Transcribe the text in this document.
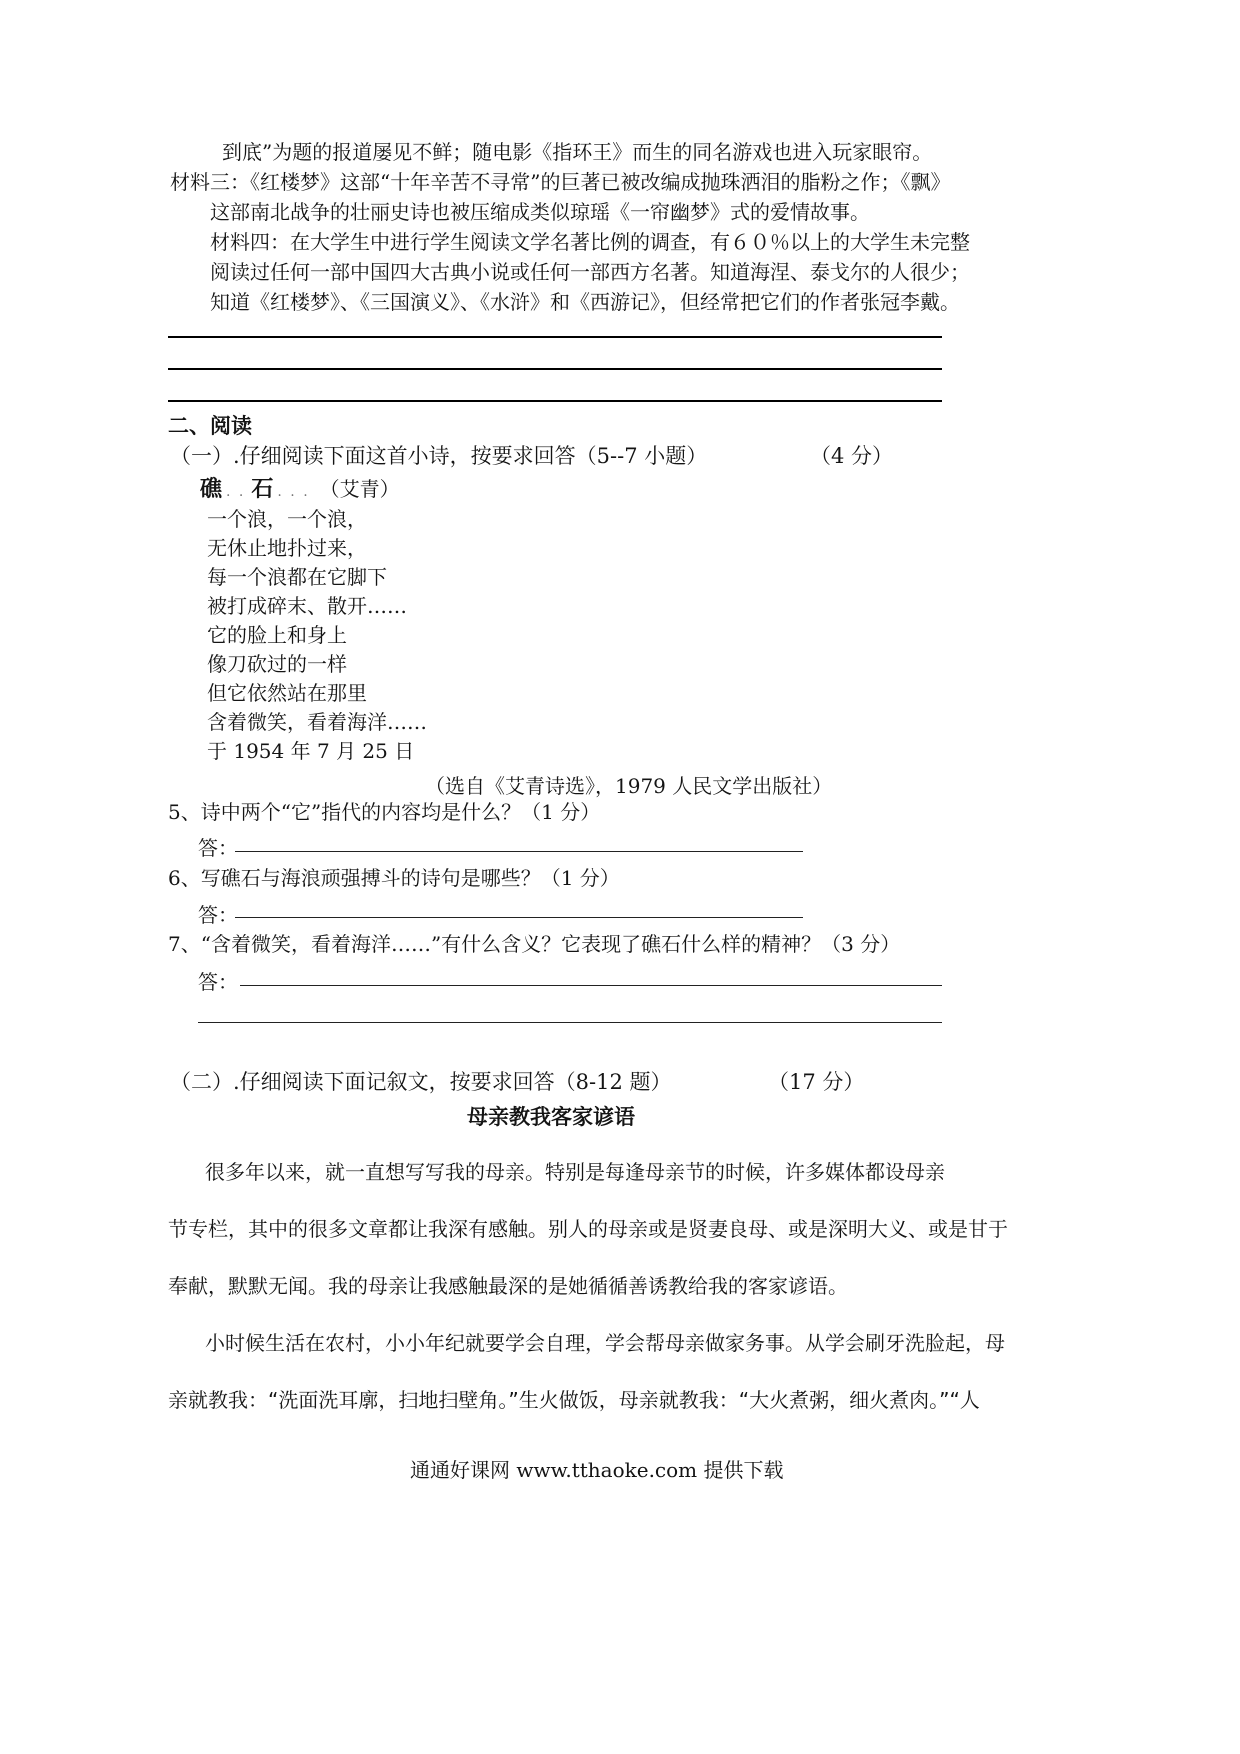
到底”为题的报道屡见不鲜；随电影《指环王》而生的同名游戏也进入玩家眼帘。
材料三：《红楼梦》这部“十年辛苦不寻常”的巨著已被改编成抛珠洒泪的脂粉之作；《飘》
这部南北战争的壮丽史诗也被压缩成类似琼瑶《一帘幽梦》式的爱情故事。
材料四：在大学生中进行学生阅读文学名著比例的调查，有６０％以上的大学生未完整
阅读过任何一部中国四大古典小说或任何一部西方名著。知道海涅、泰戈尔的人很少；
知道《红楼梦》、《三国演义》、《水浒》和《西游记》，但经常把它们的作者张冠李戴。
二、阅读
（一）.仔细阅读下面这首小诗，按要求回答（5--7 小题）	（4 分）
礁 . . 石 . . . （艾青）
一个浪，一个浪，
无休止地扑过来，
每一个浪都在它脚下
被打成碎末、散开……
它的脸上和身上
像刀砍过的一样
但它依然站在那里
含着微笑，看着海洋……
于 1954 年 7 月 25 日
（选自《艾青诗选》，1979 人民文学出版社）
5、诗中两个“它”指代的内容均是什么？（1 分）
答：
6、写礁石与海浪顽强搏斗的诗句是哪些？（1 分）
答：
7、“含着微笑，看着海洋……”有什么含义？它表现了礁石什么样的精神？（3 分）
答：
（二）.仔细阅读下面记叙文，按要求回答（8-12 题）	（17 分）
母亲教我客家谚语
很多年以来，就一直想写写我的母亲。特别是每逢母亲节的时候，许多媒体都设母亲
节专栏，其中的很多文章都让我深有感触。别人的母亲或是贤妻良母、或是深明大义、或是甘于
奉献，默默无闻。我的母亲让我感触最深的是她循循善诱教给我的客家谚语。
小时候生活在农村，小小年纪就要学会自理，学会帮母亲做家务事。从学会刷牙洗脸起，母
亲就教我：“洗面洗耳廓，扫地扫壁角。”生火做饭，母亲就教我：“大火煮粥，细火煮肉。”“人
通通好课网 www.tthaoke.com 提供下载
